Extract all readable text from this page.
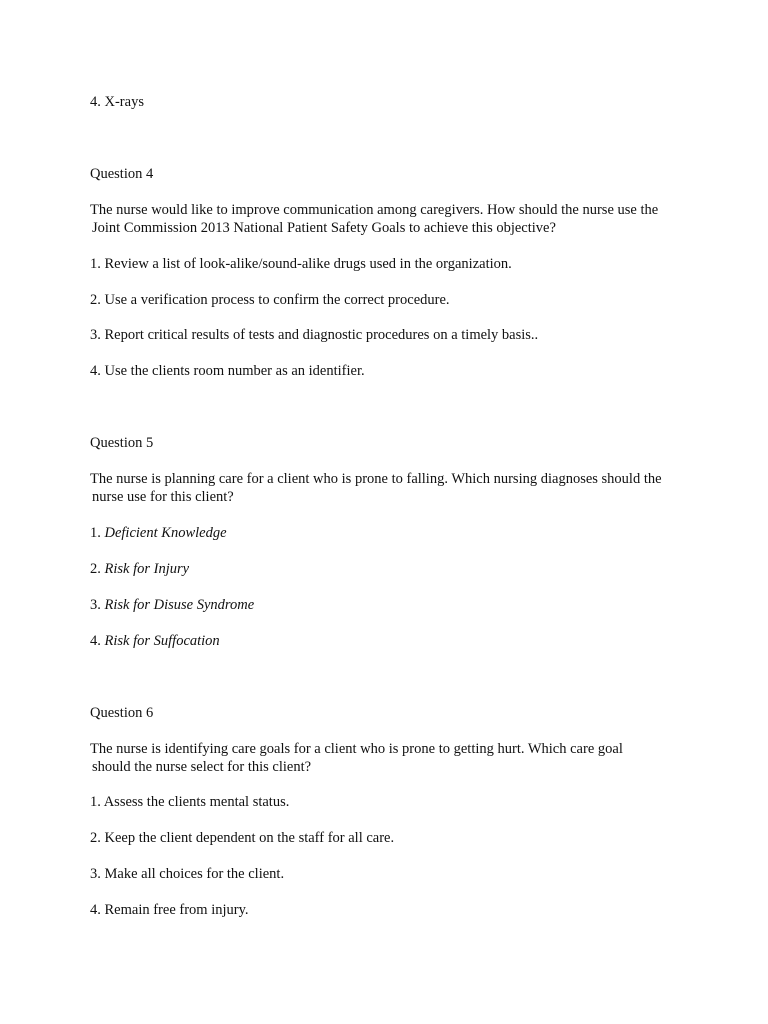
4. X-rays
Question 4
The nurse would like to improve communication among caregivers. How should the nurse use the
Joint Commission 2013 National Patient Safety Goals to achieve this objective?
1. Review a list of look-alike/sound-alike drugs used in the organization.
2. Use a verification process to confirm the correct procedure.
3. Report critical results of tests and diagnostic procedures on a timely basis..
4. Use the clients room number as an identifier.
Question 5
The nurse is planning care for a client who is prone to falling. Which nursing diagnoses should the
nurse use for this client?
1. Deficient Knowledge
2. Risk for Injury
3. Risk for Disuse Syndrome
4. Risk for Suffocation
Question 6
The nurse is identifying care goals for a client who is prone to getting hurt. Which care goal
should the nurse select for this client?
1. Assess the clients mental status.
2. Keep the client dependent on the staff for all care.
3. Make all choices for the client.
4. Remain free from injury.
